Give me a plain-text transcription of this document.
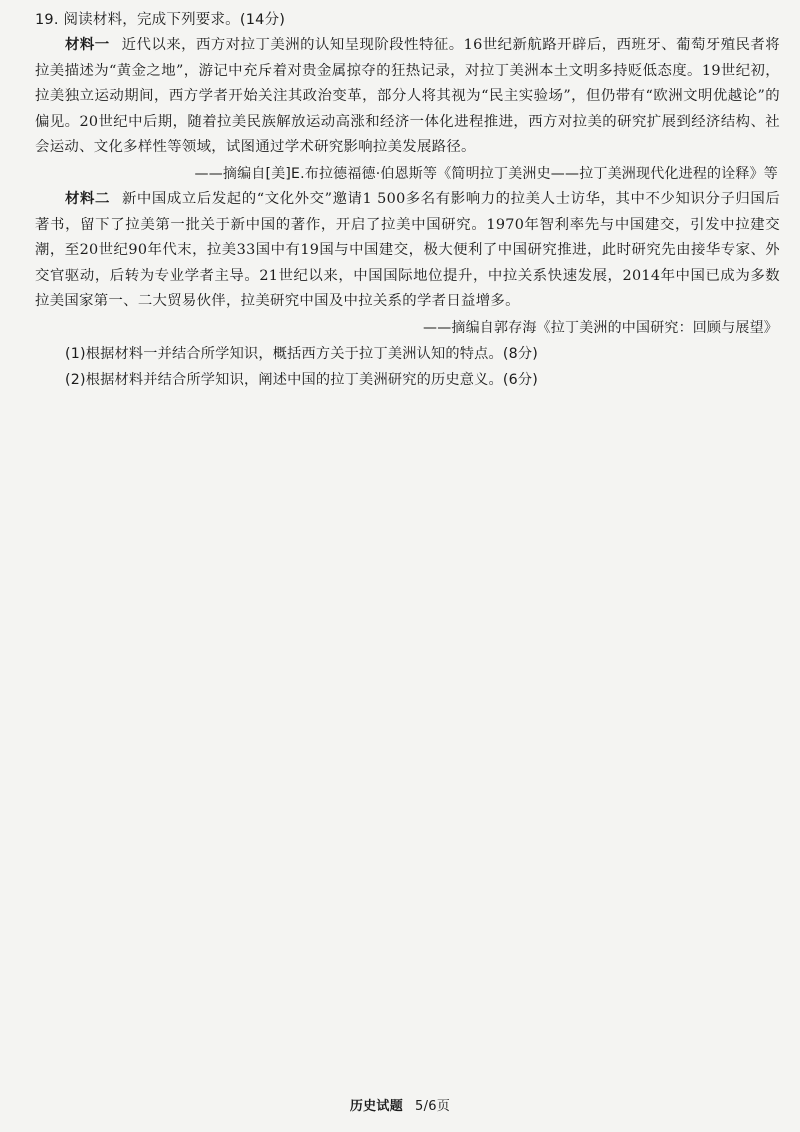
19. 阅读材料，完成下列要求。(14分)

材料一 近代以来，西方对拉丁美洲的认知呈现阶段性特征。16世纪新航路开辟后，西班牙、葡萄牙殖民者将拉美描述为“黄金之地”，游记中充斥着对贵金属掠夺的狂热记录，对拉丁美洲本土文明多持贬低态度。19世纪初，拉美独立运动期间，西方学者开始关注其政治变革，部分人将其视为“民主实验场”，但仍带有“欧洲文明优越论”的偏见。20世纪中后期，随着拉美民族解放运动高涨和经济一体化进程推进，西方对拉美的研究扩展到经济结构、社会运动、文化多样性等领域，试图通过学术研究影响拉美发展路径。

——摘编自[美]E.布拉德福德·伯恩斯等《简明拉丁美洲史——拉丁美洲现代化进程的诠释》等

材料二 新中国成立后发起的“文化外交”邀请1 500多名有影响力的拉美人士访华，其中不少知识分子归国后著书，留下了拉美第一批关于新中国的著作，开启了拉美中国研究。1970年智利率先与中国建交，引发中拉建交潮，至20世纪90年代末，拉美33国中有19国与中国建交，极大便利了中国研究推进，此时研究先由接华专家、外交官驱动，后转为专业学者主导。21世纪以来，中国国际地位提升，中拉关系快速发展，2014年中国已成为多数拉美国家第一、二大贸易伙伴，拉美研究中国及中拉关系的学者日益增多。

——摘编自郭存海《拉丁美洲的中国研究：回顾与展望》
(1)根据材料一并结合所学知识，概括西方关于拉丁美洲认知的特点。(8分)
(2)根据材料并结合所学知识，阐述中国的拉丁美洲研究的历史意义。(6分)
历史试题 5/6页
